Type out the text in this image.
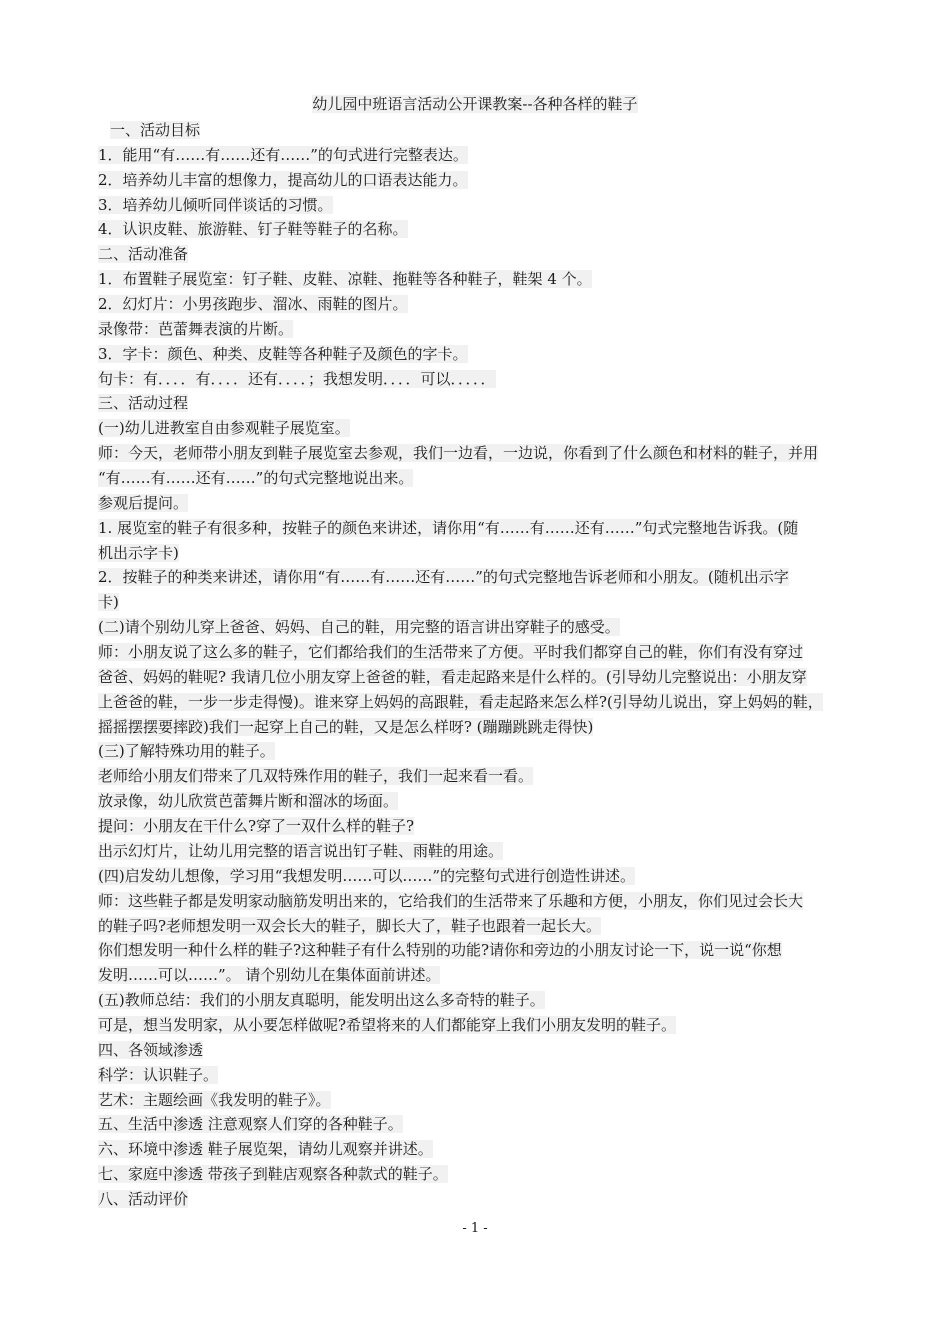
幼儿园中班语言活动公开课教案--各种各样的鞋子
一、活动目标
1．能用“有……有……还有……”的句式进行完整表达。
2．培养幼儿丰富的想像力，提高幼儿的口语表达能力。
3．培养幼儿倾听同伴谈话的习惯。
4．认识皮鞋、旅游鞋、钉子鞋等鞋子的名称。
二、活动准备
1．布置鞋子展览室：钉子鞋、皮鞋、凉鞋、拖鞋等各种鞋子，鞋架 4 个。
2．幻灯片：小男孩跑步、溜冰、雨鞋的图片。
录像带：芭蕾舞表演的片断。
3．字卡：颜色、种类、皮鞋等各种鞋子及颜色的字卡。
句卡：有．．．．有．．．．还有．．．．；我想发明．．．．可以．．．．．
三、活动过程
(一)幼儿进教室自由参观鞋子展览室。
师：今天，老师带小朋友到鞋子展览室去参观，我们一边看，一边说，你看到了什么颜色和材料的鞋子，并用
“有……有……还有……”的句式完整地说出来。
参观后提问。
1. 展览室的鞋子有很多种，按鞋子的颜色来讲述，请你用“有……有……还有……”句式完整地告诉我。(随
机出示字卡)
2．按鞋子的种类来讲述，请你用“有……有……还有……”的句式完整地告诉老师和小朋友。(随机出示字
卡)
(二)请个别幼儿穿上爸爸、妈妈、自己的鞋，用完整的语言讲出穿鞋子的感受。
师：小朋友说了这么多的鞋子，它们都给我们的生活带来了方便。平时我们都穿自己的鞋，你们有没有穿过
爸爸、妈妈的鞋呢? 我请几位小朋友穿上爸爸的鞋，看走起路来是什么样的。(引导幼儿完整说出：小朋友穿
上爸爸的鞋，一步一步走得慢)。谁来穿上妈妈的高跟鞋，看走起路来怎么样?(引导幼儿说出，穿上妈妈的鞋，
摇摇摆摆要摔跤)我们一起穿上自己的鞋，又是怎么样呀? (蹦蹦跳跳走得快)
(三)了解特殊功用的鞋子。
老师给小朋友们带来了几双特殊作用的鞋子，我们一起来看一看。
放录像，幼儿欣赏芭蕾舞片断和溜冰的场面。
提问：小朋友在干什么?穿了一双什么样的鞋子?
出示幻灯片，让幼儿用完整的语言说出钉子鞋、雨鞋的用途。
(四)启发幼儿想像，学习用“我想发明……可以……”的完整句式进行创造性讲述。
师：这些鞋子都是发明家动脑筋发明出来的，它给我们的生活带来了乐趣和方便，小朋友，你们见过会长大
的鞋子吗?老师想发明一双会长大的鞋子，脚长大了，鞋子也跟着一起长大。
你们想发明一种什么样的鞋子?这种鞋子有什么特别的功能?请你和旁边的小朋友讨论一下，说一说“你想
发明……可以……”。 请个别幼儿在集体面前讲述。
(五)教师总结：我们的小朋友真聪明，能发明出这么多奇特的鞋子。
可是，想当发明家，从小要怎样做呢?希望将来的人们都能穿上我们小朋友发明的鞋子。
四、各领域渗透
科学：认识鞋子。
艺术：主题绘画《我发明的鞋子》。
五、生活中渗透 注意观察人们穿的各种鞋子。
六、环境中渗透 鞋子展览架，请幼儿观察并讲述。
七、家庭中渗透 带孩子到鞋店观察各种款式的鞋子。
八、活动评价
- 1 -
